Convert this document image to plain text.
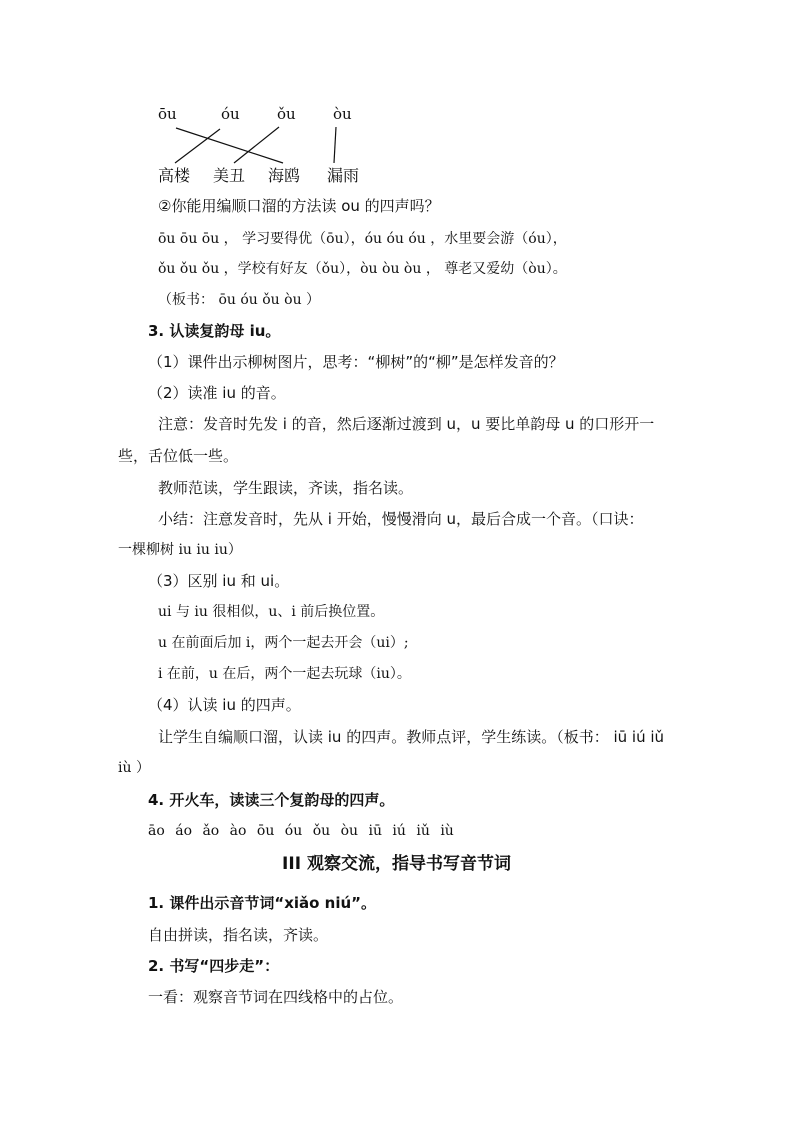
ōu	óu ǒu òu
高楼 美丑 海鸥 漏雨
②你能用编顺口溜的方法读 ou 的四声吗？
ōu ōu ōu ， 学习要得优（ōu），óu óu óu ，水里要会游（óu），
ǒu ǒu ǒu ，学校有好友（ǒu），òu òu òu ， 尊老又爱幼（òu）。
（板书： ōu óu ǒu òu ）
3. 认读复韵母 iu。
（1）课件出示柳树图片，思考：“柳树”的“柳”是怎样发音的？
（2）读准 iu 的音。
注意：发音时先发 i 的音，然后逐渐过渡到 u，u 要比单韵母 u 的口形开一
些，舌位低一些。
教师范读，学生跟读，齐读，指名读。
小结：注意发音时，先从 i 开始，慢慢滑向 u，最后合成一个音。（口诀：
一棵柳树 iu iu iu）
（3）区别 iu 和 ui。
ui 与 iu 很相似，u、i 前后换位置。
u 在前面后加 i，两个一起去开会（ui）;
i 在前，u 在后，两个一起去玩球（iu）。
（4）认读 iu 的四声。
让学生自编顺口溜，认读 iu 的四声。教师点评，学生练读。（板书： iū iú iǔ
iù ）
4. 开火车，读读三个复韵母的四声。
āo áo ǎo ào ōu óu ǒu òu iū iú iǔ iù
III 观察交流，指导书写音节词
1. 课件出示音节词“xiǎo niú”。
自由拼读，指名读，齐读。
2. 书写“四步走”：
一看：观察音节词在四线格中的占位。
